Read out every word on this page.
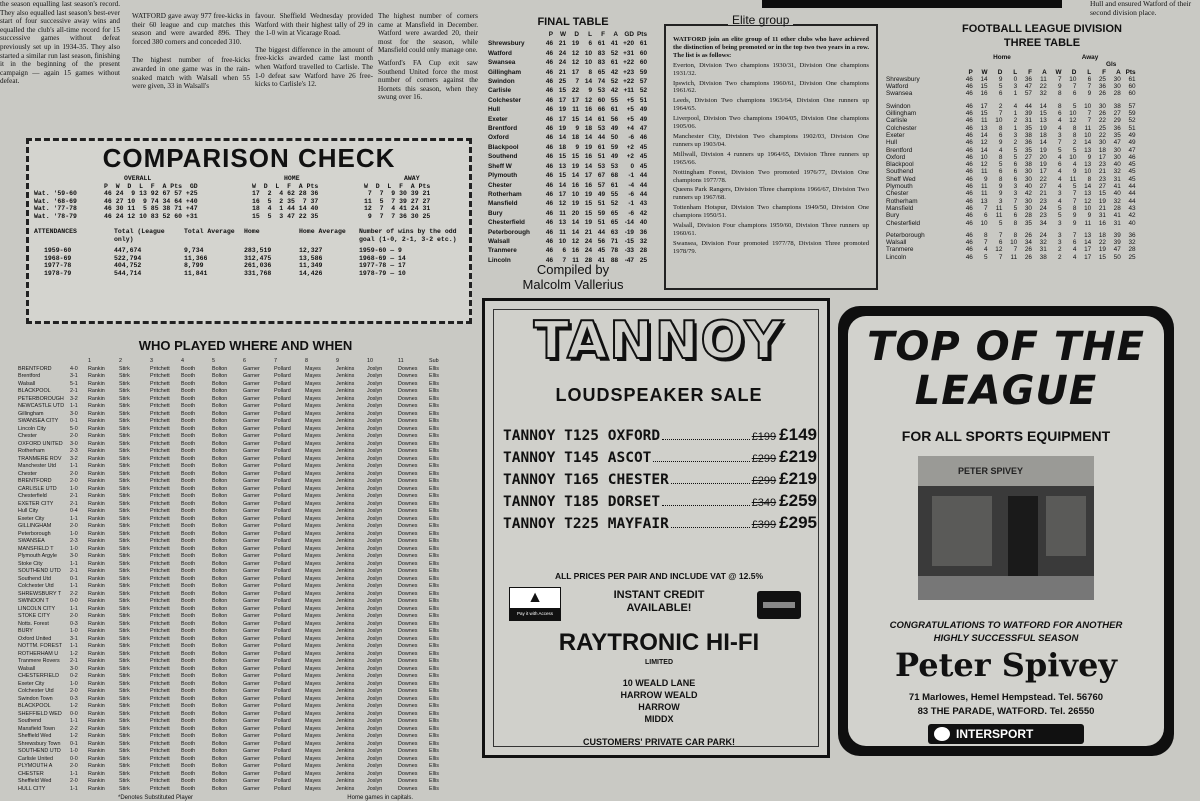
Hull and ensured Watford of their second division place.

the season equalling last season's record. They also equalled last season's best-ever start of four successive away wins and equalled the club's all-time record for 15 successive games without defeat previously set up in 1934-35. They also started a similar run last season, finishing it in the beginning of the present campaign — again 15 games without defeat.

WATFORD gave away 977 free-kicks in their 60 league and cup matches this season and were awarded 896. They forced 380 corners and conceded 310.

The highest number of free-kicks awarded in one game was in the rain-soaked match with Walsall when 55 were given, 33 in Walsall's

favour. Sheffield Wednesday provided Watford with their highest tally of 29 in the 1-0 win at Vicarage Road.

The biggest difference in the amount of free-kicks awarded came last month when Watford travelled to Carlisle. The 1-0 defeat saw Watford have 26 free-kicks to Carlisle's 12.

The highest number of corners came at Mansfield in December. Watford were awarded 20, their most for the season, while Mansfield could only manage one.

Watford's FA Cup exit saw Southend United force the most number of corners against the Hornets this season, when they swung over 16.

COMPARISON CHECK
OVERALL	HOME	AWAY
P  W  D  L  F  A Pts  GD	W  D  L  F  A Pts	W  D  L  F  A Pts
Wat. '59-60	46 24  9 13 92 67 57 +25	17  2  4 62 28 36	7  7  9 30 39 21
Wat. '68-69	46 27 10  9 74 34 64 +40	16  5  2 35  7 37	11  5  7 39 27 27
Wat. '77-78	46 30 11  5 85 38 71 +47	18  4  1 44 14 40	12  7  4 41 24 31
Wat. '78-79	46 24 12 10 83 52 60 +31	15  5  3 47 22 35	9  7  7 36 30 25
ATTENDANCES	Total (League only)
Total Average	Home	Home Average	Number of wins by the odd goal (1-0, 2-1, 3-2 etc.)
1959-60	447,674	9,734	283,519	12,327	1959-60 — 9
1968-69	522,794	11,366	312,475	13,586	1968-69 — 14
1977-78	404,752	8,799	261,036	11,349	1977-78 — 17
1978-79	544,714	11,841	331,768	14,426	1978-79 — 10
WHO PLAYED WHERE AND WHEN
1	2	3	4	5	6	7	8	9	10	11	Sub
BRENTFORD	4-0	Rankin	Stirk	Pritchett	Booth	Bolton	Garner	Pollard	Mayes	Jenkins	Joslyn	Downes	Ellis
Brentford	3-1	Rankin	Stirk	Pritchett	Booth	Bolton	Garner	Pollard	Mayes	Jenkins	Joslyn	Downes	Ellis
Walsall	5-1	Rankin	Stirk	Pritchett	Booth	Bolton	Garner	Pollard	Mayes	Jenkins	Joslyn	Downes	Ellis
BLACKPOOL	2-1	Rankin	Stirk	Pritchett	Booth	Bolton	Garner	Pollard	Mayes	Jenkins	Joslyn	Downes	Ellis
PETERBOROUGH	3-2	Rankin	Stirk	Pritchett	Booth	Bolton	Garner	Pollard	Mayes	Jenkins	Joslyn	Downes	Ellis
NEWCASTLE UTD	1-1	Rankin	Stirk	Pritchett	Booth	Bolton	Garner	Pollard	Mayes	Jenkins	Joslyn	Downes	Ellis
Gillingham	3-0	Rankin	Stirk	Pritchett	Booth	Bolton	Garner	Pollard	Mayes	Jenkins	Joslyn	Downes	Ellis
SWANSEA CITY	0-1	Rankin	Stirk	Pritchett	Booth	Bolton	Garner	Pollard	Mayes	Jenkins	Joslyn	Downes	Ellis
Lincoln City	5-0	Rankin	Stirk	Pritchett	Booth	Bolton	Garner	Pollard	Mayes	Jenkins	Joslyn	Downes	Ellis
Chester	2-0	Rankin	Stirk	Pritchett	Booth	Bolton	Garner	Pollard	Mayes	Jenkins	Joslyn	Downes	Ellis
OXFORD UNITED	3-0	Rankin	Stirk	Pritchett	Booth	Bolton	Garner	Pollard	Mayes	Jenkins	Joslyn	Downes	Ellis
Rotherham	2-3	Rankin	Stirk	Pritchett	Booth	Bolton	Garner	Pollard	Mayes	Jenkins	Joslyn	Downes	Ellis
TRANMERE ROV	3-2	Rankin	Stirk	Pritchett	Booth	Bolton	Garner	Pollard	Mayes	Jenkins	Joslyn	Downes	Ellis
Manchester Utd	1-1	Rankin	Stirk	Pritchett	Booth	Bolton	Garner	Pollard	Mayes	Jenkins	Joslyn	Downes	Ellis
Chester	2-0	Rankin	Stirk	Pritchett	Booth	Bolton	Garner	Pollard	Mayes	Jenkins	Joslyn	Downes	Ellis
BRENTFORD	2-0	Rankin	Stirk	Pritchett	Booth	Bolton	Garner	Pollard	Mayes	Jenkins	Joslyn	Downes	Ellis
CARLISLE UTD	1-0	Rankin	Stirk	Pritchett	Booth	Bolton	Garner	Pollard	Mayes	Jenkins	Joslyn	Downes	Ellis
Chesterfield	2-1	Rankin	Stirk	Pritchett	Booth	Bolton	Garner	Pollard	Mayes	Jenkins	Joslyn	Downes	Ellis
EXETER CITY	2-1	Rankin	Stirk	Pritchett	Booth	Bolton	Garner	Pollard	Mayes	Jenkins	Joslyn	Downes	Ellis
Hull City	0-4	Rankin	Stirk	Pritchett	Booth	Bolton	Garner	Pollard	Mayes	Jenkins	Joslyn	Downes	Ellis
Exeter City	1-1	Rankin	Stirk	Pritchett	Booth	Bolton	Garner	Pollard	Mayes	Jenkins	Joslyn	Downes	Ellis
GILLINGHAM	2-0	Rankin	Stirk	Pritchett	Booth	Bolton	Garner	Pollard	Mayes	Jenkins	Joslyn	Downes	Ellis
Peterborough	1-0	Rankin	Stirk	Pritchett	Booth	Bolton	Garner	Pollard	Mayes	Jenkins	Joslyn	Downes	Ellis
SWANSEA	2-3	Rankin	Stirk	Pritchett	Booth	Bolton	Garner	Pollard	Mayes	Jenkins	Joslyn	Downes	Ellis
MANSFIELD T	1-0	Rankin	Stirk	Pritchett	Booth	Bolton	Garner	Pollard	Mayes	Jenkins	Joslyn	Downes	Ellis
Plymouth Argyle	3-0	Rankin	Stirk	Pritchett	Booth	Bolton	Garner	Pollard	Mayes	Jenkins	Joslyn	Downes	Ellis
Stoke City	1-1	Rankin	Stirk	Pritchett	Booth	Bolton	Garner	Pollard	Mayes	Jenkins	Joslyn	Downes	Ellis
SOUTHEND UTD	2-1	Rankin	Stirk	Pritchett	Booth	Bolton	Garner	Pollard	Mayes	Jenkins	Joslyn	Downes	Ellis
Southend Utd	0-1	Rankin	Stirk	Pritchett	Booth	Bolton	Garner	Pollard	Mayes	Jenkins	Joslyn	Downes	Ellis
Colchester Utd	1-1	Rankin	Stirk	Pritchett	Booth	Bolton	Garner	Pollard	Mayes	Jenkins	Joslyn	Downes	Ellis
SHREWSBURY T	2-2	Rankin	Stirk	Pritchett	Booth	Bolton	Garner	Pollard	Mayes	Jenkins	Joslyn	Downes	Ellis
SWINDON T	0-0	Rankin	Stirk	Pritchett	Booth	Bolton	Garner	Pollard	Mayes	Jenkins	Joslyn	Downes	Ellis
LINCOLN CITY	1-1	Rankin	Stirk	Pritchett	Booth	Bolton	Garner	Pollard	Mayes	Jenkins	Joslyn	Downes	Ellis
STOKE CITY	2-0	Rankin	Stirk	Pritchett	Booth	Bolton	Garner	Pollard	Mayes	Jenkins	Joslyn	Downes	Ellis
Notts. Forest	0-3	Rankin	Stirk	Pritchett	Booth	Bolton	Garner	Pollard	Mayes	Jenkins	Joslyn	Downes	Ellis
BURY	1-0	Rankin	Stirk	Pritchett	Booth	Bolton	Garner	Pollard	Mayes	Jenkins	Joslyn	Downes	Ellis
Oxford United	3-1	Rankin	Stirk	Pritchett	Booth	Bolton	Garner	Pollard	Mayes	Jenkins	Joslyn	Downes	Ellis
NOTTM. FOREST	1-1	Rankin	Stirk	Pritchett	Booth	Bolton	Garner	Pollard	Mayes	Jenkins	Joslyn	Downes	Ellis
ROTHERHAM U	1-2	Rankin	Stirk	Pritchett	Booth	Bolton	Garner	Pollard	Mayes	Jenkins	Joslyn	Downes	Ellis
Tranmere Rovers	2-1	Rankin	Stirk	Pritchett	Booth	Bolton	Garner	Pollard	Mayes	Jenkins	Joslyn	Downes	Ellis
Walsall	3-0	Rankin	Stirk	Pritchett	Booth	Bolton	Garner	Pollard	Mayes	Jenkins	Joslyn	Downes	Ellis
CHESTERFIELD	0-2	Rankin	Stirk	Pritchett	Booth	Bolton	Garner	Pollard	Mayes	Jenkins	Joslyn	Downes	Ellis
Exeter City	1-0	Rankin	Stirk	Pritchett	Booth	Bolton	Garner	Pollard	Mayes	Jenkins	Joslyn	Downes	Ellis
Colchester Utd	2-0	Rankin	Stirk	Pritchett	Booth	Bolton	Garner	Pollard	Mayes	Jenkins	Joslyn	Downes	Ellis
Swindon Town	0-3	Rankin	Stirk	Pritchett	Booth	Bolton	Garner	Pollard	Mayes	Jenkins	Joslyn	Downes	Ellis
BLACKPOOL	1-2	Rankin	Stirk	Pritchett	Booth	Bolton	Garner	Pollard	Mayes	Jenkins	Joslyn	Downes	Ellis
SHEFFIELD WED	0-0	Rankin	Stirk	Pritchett	Booth	Bolton	Garner	Pollard	Mayes	Jenkins	Joslyn	Downes	Ellis
Southend	1-1	Rankin	Stirk	Pritchett	Booth	Bolton	Garner	Pollard	Mayes	Jenkins	Joslyn	Downes	Ellis
Mansfield Town	2-2	Rankin	Stirk	Pritchett	Booth	Bolton	Garner	Pollard	Mayes	Jenkins	Joslyn	Downes	Ellis
Sheffield Wed	1-2	Rankin	Stirk	Pritchett	Booth	Bolton	Garner	Pollard	Mayes	Jenkins	Joslyn	Downes	Ellis
Shrewsbury Town	0-1	Rankin	Stirk	Pritchett	Booth	Bolton	Garner	Pollard	Mayes	Jenkins	Joslyn	Downes	Ellis
SOUTHEND UTD	1-0	Rankin	Stirk	Pritchett	Booth	Bolton	Garner	Pollard	Mayes	Jenkins	Joslyn	Downes	Ellis
Carlisle United	0-0	Rankin	Stirk	Pritchett	Booth	Bolton	Garner	Pollard	Mayes	Jenkins	Joslyn	Downes	Ellis
PLYMOUTH A	2-0	Rankin	Stirk	Pritchett	Booth	Bolton	Garner	Pollard	Mayes	Jenkins	Joslyn	Downes	Ellis
CHESTER	1-1	Rankin	Stirk	Pritchett	Booth	Bolton	Garner	Pollard	Mayes	Jenkins	Joslyn	Downes	Ellis
Sheffield Wed	2-0	Rankin	Stirk	Pritchett	Booth	Bolton	Garner	Pollard	Mayes	Jenkins	Joslyn	Downes	Ellis
HULL CITY	1-1	Rankin	Stirk	Pritchett	Booth	Bolton	Garner	Pollard	Mayes	Jenkins	Joslyn	Downes	Ellis
*Denotes Substituted Player	Home games in capitals.
FINAL TABLE
P	W	D	L	F	A	GD Pts
Shrewsbury	46 21 19	6 61 41 +20 61
Watford	46 24 12 10 83 52 +31 60
Swansea	46 24 12 10 83 61 +22 60
Gillingham	46 21 17	8 65 42 +23 59
Swindon	46 25	7 14 74 52 +22 57
Carlisle	46 15 22	9 53 42 +11 52
Colchester	46 17 17 12 60 55	+5 51
Hull	46 19 11 16 66 61	+5 49
Exeter	46 17 15 14 61 56	+5 49
Brentford	46 19	9 18 53 49	+4 47
Oxford	46 14 18 14 44 50	-6 46
Blackpool	46 18	9 19 61 59	+2 45
Southend	46 15 15 16 51 49	+2 45
Sheff W	46 13 19 14 53 53	0 45
Plymouth	46 15 14 17 67 68	-1 44
Chester	46 14 16 16 57 61	-4 44
Rotherham	46 17 10 19 49 55	-6 44
Mansfield	46 12 19 15 51 52	-1 43
Bury	46 11 20 15 59 65	-6 42
Chesterfield	46 13 14 19 51 65	-14 40
Peterborough	46 11 14 21 44 63	-19 36
Walsall	46 10 12 24 56 71	-15 32
Tranmere	46	6 16 24 45 78	-33 28
Lincoln	46	7 11 28 41 88	-47 25
Compiled by
Malcolm Vallerius
Elite group

WATFORD join an elite group of 11 other clubs who have achieved the distinction of being promoted or in the top two two years in a row. The list is as follows:

Everton, Division Two champions 1930/31, Division One champions 1931/32.

Ipswich, Division Two champions 1960/61, Division One champions 1961/62.

Leeds, Division Two champions 1963/64, Division One runners up 1964/65.

Liverpool, Division Two champions 1904/05, Division One champions 1905/06.

Manchester City, Division Two champions 1902/03, Division One runners up 1903/04.

Millwall, Division 4 runners up 1964/65, Division Three runners up 1965/66.

Nottingham Forest, Division Two promoted 1976/77, Division One champions 1977/78.

Queens Park Rangers, Division Three champions 1966/67, Division Two runners up 1967/68.

Tottenham Hotspur, Division Two champions 1949/50, Division One champions 1950/51.

Walsall, Division Four champions 1959/60, Division Three runners up 1960/61.

Swansea, Division Four promoted 1977/78, Division Three promoted 1978/79.

FOOTBALL LEAGUE DIVISION
THREE TABLE
Home	Away
Gls
P	W	D	L	F	A	W	D	L	F	A Pts
Shrewsbury	46	14	9	0	36	11	7	10	6	25	30	61
Watford	46	15	5	3	47	22	9	7	7	36	30	60
Swansea	46	16	6	1	57	32	8	6	9	26	28	60
Swindon	46	17	2	4	44	14	8	5	10	30	38	57
Gillingham	46	15	7	1	39	15	6	10	7	26	27	59
Carlisle	46	11	10	2	31	13	4	12	7	22	29	52
Colchester	46	13	8	1	35	19	4	8	11	25	36	51
Exeter	46	14	6	3	38	18	3	8	10	22	35	49
Hull	46	12	9	2	36	14	7	2	14	30	47	49
Brentford	46	14	4	5	35	19	5	5	13	18	30	47
Oxford	46	10	8	5	27	20	4	10	9	17	30	46
Blackpool	46	12	5	6	38	19	6	4	13	23	40	45
Southend	46	11	6	6	30	17	4	9	10	21	32	45
Sheff Wed	46	9	8	6	30	22	4	11	8	23	31	45
Plymouth	46	11	9	3	40	27	4	5	14	27	41	44
Chester	46	11	9	3	42	21	3	7	13	15	40	44
Rotherham	46	13	3	7	30	23	4	7	12	19	32	44
Mansfield	46	7	11	5	30	24	5	8	10	21	28	43
Bury	46	6	11	6	28	23	5	9	9	31	41	42
Chesterfield	46	10	5	8	35	34	3	9	11	16	31	40
Peterborough	46	8	7	8	26	24	3	7	13	18	39	36
Walsall	46	7	6	10	34	32	3	6	14	22	39	32
Tranmere	46	4	12	7	26	31	2	4	17	19	47	28
Lincoln	46	5	7	11	26	38	2	4	17	15	50	25
TANNOY
LOUDSPEAKER SALE
TANNOY T125 OXFORD	£199 £149
TANNOY T145 ASCOT	£299 £219
TANNOY T165 CHESTER	£299 £219
TANNOY T185 DORSET	£349 £259
TANNOY T225 MAYFAIR	£399 £295
ALL PRICES PER PAIR AND INCLUDE VAT @ 12.5%
▲
Pay it with Access
INSTANT CREDIT AVAILABLE!
RAYTRONIC HI-FI
LIMITED
10 WEALD LANE
HARROW WEALD
HARROW
MIDDX
CUSTOMERS' PRIVATE CAR PARK!
TOP OF THE
LEAGUE
FOR ALL SPORTS EQUIPMENT
PETER SPIVEY
CONGRATULATIONS TO WATFORD FOR ANOTHER
HIGHLY SUCCESSFUL SEASON
Peter Spivey
71 Marlowes, Hemel Hempstead. Tel. 56760
83 THE PARADE, WATFORD. Tel. 26550
INTERSPORT
